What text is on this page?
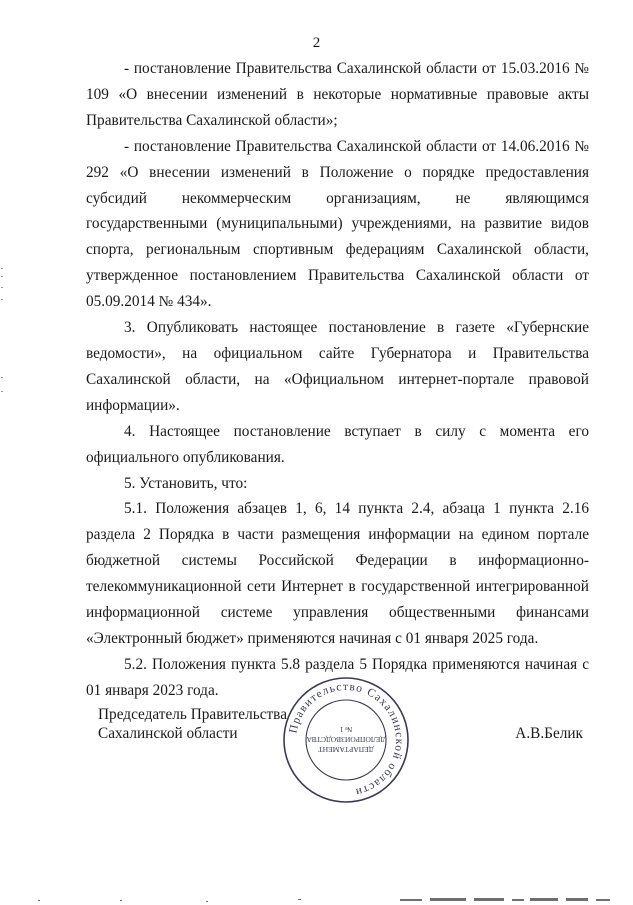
2

- постановление Правительства Сахалинской области от 15.03.2016 № 109 «О внесении изменений в некоторые нормативные правовые акты Правительства Сахалинской области»;

- постановление Правительства Сахалинской области от 14.06.2016 № 292 «О внесении изменений в Положение о порядке предоставления субсидий некоммерческим организациям, не являющимся государственными (муниципальными) учреждениями, на развитие видов спорта, региональным спортивным федерациям Сахалинской области, утвержденное постановлением Правительства Сахалинской области от 05.09.2014 № 434».

3. Опубликовать настоящее постановление в газете «Губернские ведомости», на официальном сайте Губернатора и Правительства Сахалинской области, на «Официальном интернет-портале правовой информации».

4. Настоящее постановление вступает в силу с момента его официального опубликования.

5. Установить, что:

5.1. Положения абзацев 1, 6, 14 пункта 2.4, абзаца 1 пункта 2.16 раздела 2 Порядка в части размещения информации на едином портале бюджетной системы Российской Федерации в информационно-телекоммуникационной сети Интернет в государственной интегрированной информационной системе управления общественными финансами «Электронный бюджет» применяются начиная с 01 января 2025 года.

5.2. Положения пункта 5.8 раздела 5 Порядка применяются начиная с 01 января 2023 года.

Председатель Правительства
Сахалинской области	А.В.Белик
Правительство Сахалинской области
ДЕПАРТАМЕНТ
ДЕЛОПРОИЗВОДСТВА
№ 1
